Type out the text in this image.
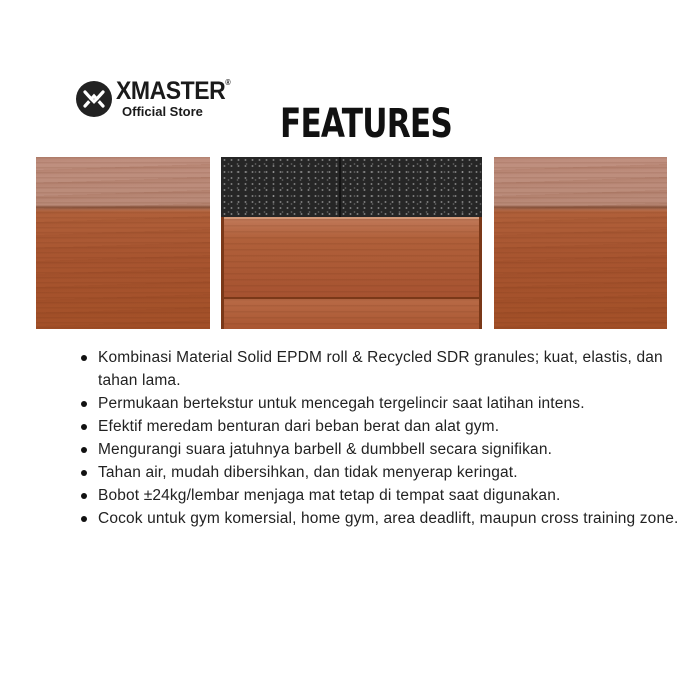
XMASTER®
Official Store	FEATURES
Kombinasi Material Solid EPDM roll & Recycled SDR granules; kuat, elastis, dan tahan lama.
Permukaan bertekstur untuk mencegah tergelincir saat latihan intens.
Efektif meredam benturan dari beban berat dan alat gym.
Mengurangi suara jatuhnya barbell & dumbbell secara signifikan.
Tahan air, mudah dibersihkan, dan tidak menyerap keringat.
Bobot ±24kg/lembar menjaga mat tetap di tempat saat digunakan.
Cocok untuk gym komersial, home gym, area deadlift, maupun cross training zone.
